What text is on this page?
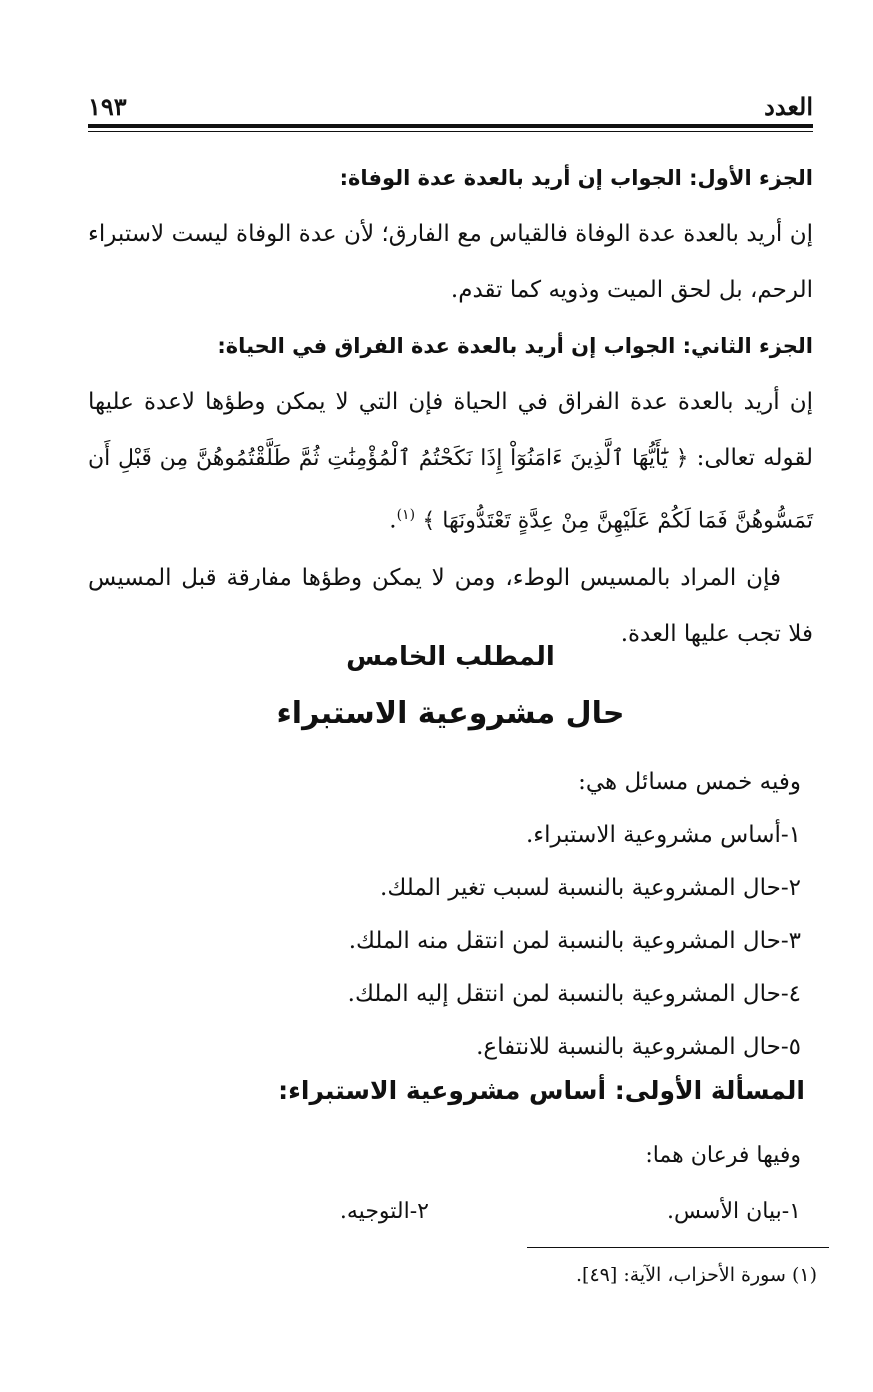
العدد
١٩٣

الجزء الأول: الجواب إن أريد بالعدة عدة الوفاة:

إن أريد بالعدة عدة الوفاة فالقياس مع الفارق؛ لأن عدة الوفاة ليست لاستبراء الرحم، بل لحق الميت وذويه كما تقدم.

الجزء الثاني: الجواب إن أريد بالعدة عدة الفراق في الحياة:

إن أريد بالعدة عدة الفراق في الحياة فإن التي لا يمكن وطؤها لاعدة عليها لقوله تعالى: ﴿ يَٰٓأَيُّهَا ٱلَّذِينَ ءَامَنُوٓاْ إِذَا نَكَحْتُمُ ٱلْمُؤْمِنَٰتِ ثُمَّ طَلَّقْتُمُوهُنَّ مِن قَبْلِ أَن تَمَسُّوهُنَّ فَمَا لَكُمْ عَلَيْهِنَّ مِنْ عِدَّةٍ تَعْتَدُّونَهَا ﴾ $^{(١)}$.

فإن المراد بالمسيس الوطء، ومن لا يمكن وطؤها مفارقة قبل المسيس فلا تجب عليها العدة.

المطلب الخامس
حال مشروعية الاستبراء

وفيه خمس مسائل هي:

١-أساس مشروعية الاستبراء.

٢-حال المشروعية بالنسبة لسبب تغير الملك.

٣-حال المشروعية بالنسبة لمن انتقل منه الملك.

٤-حال المشروعية بالنسبة لمن انتقل إليه الملك.

٥-حال المشروعية بالنسبة للانتفاع.

المسألة الأولى: أساس مشروعية الاستبراء:

وفيها فرعان هما:

١-بيان الأسس.
٢-التوجيه.
(١) سورة الأحزاب، الآية: [٤٩].
